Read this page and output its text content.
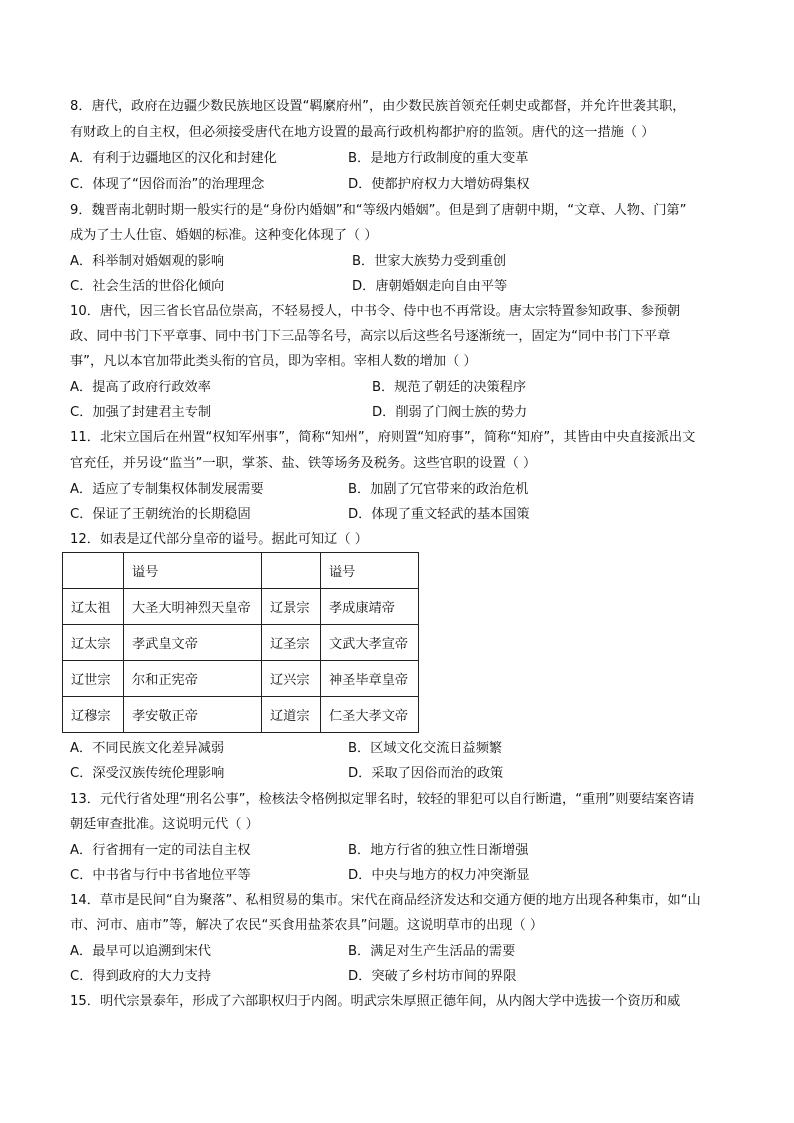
8．唐代，政府在边疆少数民族地区设置“羁縻府州”，由少数民族首领充任刺史或都督，并允许世袭其职，
有财政上的自主权，但必须接受唐代在地方设置的最高行政机构都护府的监领。唐代的这一措施（ ）
A．有利于边疆地区的汉化和封建化	B．是地方行政制度的重大变革
C．体现了“因俗而治”的治理理念	D．使都护府权力大增妨碍集权
9．魏晋南北朝时期一般实行的是“身份内婚姻”和“等级内婚姻”。但是到了唐朝中期，“文章、人物、门第”
成为了士人仕宦、婚姻的标准。这种变化体现了（ ）
A．科举制对婚姻观的影响	B．世家大族势力受到重创
C．社会生活的世俗化倾向	D．唐朝婚姻走向自由平等
10．唐代，因三省长官品位崇高，不轻易授人，中书令、侍中也不再常设。唐太宗特置参知政事、参预朝
政、同中书门下平章事、同中书门下三品等名号，高宗以后这些名号逐渐统一，固定为“同中书门下平章
事”，凡以本官加带此类头衔的官员，即为宰相。宰相人数的增加（ ）
A．提高了政府行政效率	B．规范了朝廷的决策程序
C．加强了封建君主专制	D．削弱了门阀士族的势力
11．北宋立国后在州置“权知军州事”，简称“知州”，府则置“知府事”，简称“知府”，其皆由中央直接派出文
官充任，并另设“监当”一职，掌茶、盐、铁等场务及税务。这些官职的设置（ ）
A．适应了专制集权体制发展需要	B．加剧了冗官带来的政治危机
C．保证了王朝统治的长期稳固	D．体现了重文轻武的基本国策
12．如表是辽代部分皇帝的谥号。据此可知辽（ ）
	谥号		谥号
辽太祖	大圣大明神烈天皇帝	辽景宗	孝成康靖帝
辽太宗	孝武皇文帝	辽圣宗	文武大孝宣帝
辽世宗	尔和正宪帝	辽兴宗	神圣毕章皇帝
辽穆宗	孝安敬正帝	辽道宗	仁圣大孝文帝
A．不同民族文化差异减弱	B．区域文化交流日益频繁
C．深受汉族传统伦理影响	D．采取了因俗而治的政策
13．元代行省处理“刑名公事”，检核法令格例拟定罪名时，较轻的罪犯可以自行断遣，“重刑”则要结案咨请
朝廷审查批准。这说明元代（ ）
A．行省拥有一定的司法自主权	B．地方行省的独立性日渐增强
C．中书省与行中书省地位平等	D．中央与地方的权力冲突渐显
14．草市是民间“自为聚落”、私相贸易的集市。宋代在商品经济发达和交通方便的地方出现各种集市，如“山
市、河市、庙市”等，解决了农民“买食用盐茶农具”问题。这说明草市的出现（ ）
A．最早可以追溯到宋代	B．满足对生产生活品的需要
C．得到政府的大力支持	D．突破了乡村坊市间的界限
15．明代宗景泰年，形成了六部职权归于内阁。明武宗朱厚照正德年间，从内阁大学中选拔一个资历和威
